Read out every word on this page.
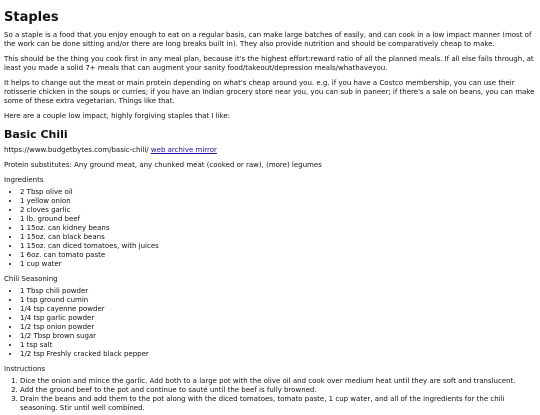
Staples

So a staple is a food that you enjoy enough to eat on a regular basis, can make large batches of easily, and can cook in a low impact manner (most of the work can be done sitting and/or there are long breaks built in). They also provide nutrition and should be comparatively cheap to make.

This should be the thing you cook first in any meal plan, because it's the highest effort:reward ratio of all the planned meals. If all else fails through, at least you made a solid 7+ meals that can augment your sanity food/takeout/depression meals/whathaveyou.

It helps to change out the meat or main protein depending on what's cheap around you. e.g. if you have a Costco membership, you can use their rotisserie chicken in the soups or curries; if you have an Indian grocery store near you, you can sub in paneer; if there's a sale on beans, you can make some of these extra vegetarian. Things like that.

Here are a couple low impact, highly forgiving staples that I like:

Basic Chili

https://www.budgetbytes.com/basic-chili/ web archive mirror

Protein substitutes: Any ground meat, any chunked meat (cooked or raw), (more) legumes

Ingredients

• 2 Tbsp olive oil
• 1 yellow onion
• 2 cloves garlic
• 1 lb. ground beef
• 1 15oz. can kidney beans
• 1 15oz. can black beans
• 1 15oz. can diced tomatoes, with juices
• 1 6oz. can tomato paste
• 1 cup water

Chili Seasoning

• 1 Tbsp chili powder
• 1 tsp ground cumin
• 1/4 tsp cayenne powder
• 1/4 tsp garlic powder
• 1/2 tsp onion powder
• 1/2 Tbsp brown sugar
• 1 tsp salt
• 1/2 tsp Freshly cracked black pepper

Instructions

1. Dice the onion and mince the garlic. Add both to a large pot with the olive oil and cook over medium heat until they are soft and translucent.
2. Add the ground beef to the pot and continue to sauté until the beef is fully browned.
3. Drain the beans and add them to the pot along with the diced tomatoes, tomato paste, 1 cup water, and all of the ingredients for the chili seasoning. Stir until well combined.
